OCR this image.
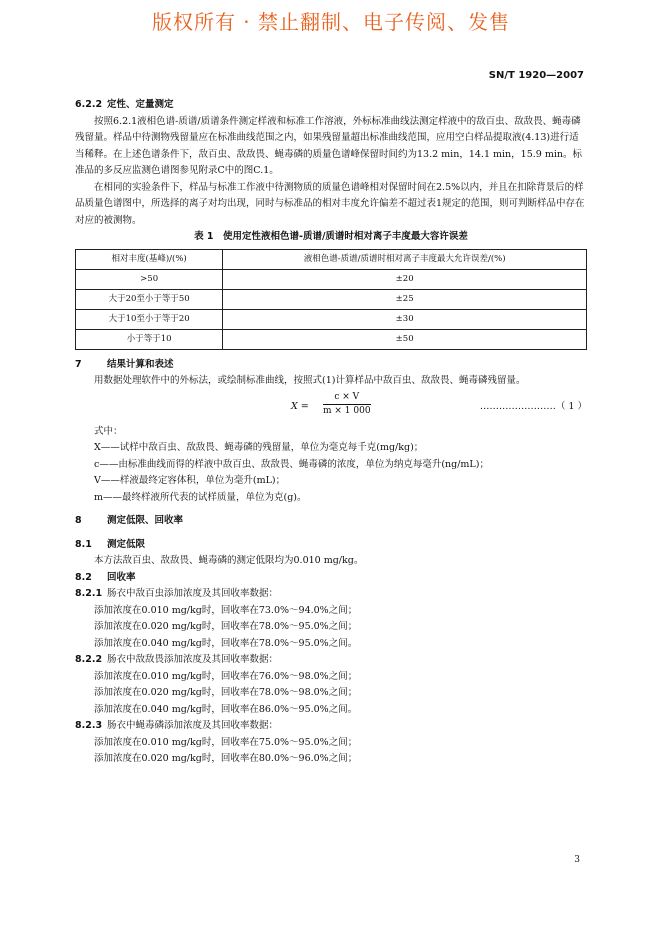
版权所有 · 禁止翻制、电子传阅、发售
SN/T 1920—2007
6.2.2 定性、定量测定

按照6.2.1液相色谱-质谱/质谱条件测定样液和标准工作溶液，外标标准曲线法测定样液中的敌百虫、敌敌畏、蝇毒磷残留量。样品中待测物残留量应在标准曲线范围之内，如果残留量超出标准曲线范围，应用空白样品提取液(4.13)进行适当稀释。在上述色谱条件下，敌百虫、敌敌畏、蝇毒磷的质量色谱峰保留时间约为13.2 min，14.1 min，15.9 min。标准品的多反应监测色谱图参见附录C中的图C.1。

在相同的实验条件下，样品与标准工作液中待测物质的质量色谱峰相对保留时间在2.5%以内，并且在扣除背景后的样品质量色谱图中，所选择的离子对均出现，同时与标准品的相对丰度允许偏差不超过表1规定的范围，则可判断样品中存在对应的被测物。

表 1　使用定性液相色谱-质谱/质谱时相对离子丰度最大容许误差
相对丰度(基峰)/(%)	液相色谱-质谱/质谱时相对离子丰度最大允许误差/(%)
>50	±20
大于20至小于等于50	±25
大于10至小于等于20	±30
小于等于10	±50
7	结果计算和表述

用数据处理软件中的外标法，或绘制标准曲线，按照式(1)计算样品中敌百虫、敌敌畏、蝇毒磷残留量。

$X = \frac{c \times V}{m \times 1 000}$	……………………（ 1 ）

式中：

X——试样中敌百虫、敌敌畏、蝇毒磷的残留量，单位为毫克每千克(mg/kg)；

c——由标准曲线而得的样液中敌百虫、敌敌畏、蝇毒磷的浓度，单位为纳克每毫升(ng/mL)；

V——样液最终定容体积，单位为毫升(mL)；

m——最终样液所代表的试样质量，单位为克(g)。

8	测定低限、回收率
8.1 测定低限

本方法敌百虫、敌敌畏、蝇毒磷的测定低限均为0.010 mg/kg。

8.2 回收率

8.2.1 肠衣中敌百虫添加浓度及其回收率数据：

添加浓度在0.010 mg/kg时，回收率在73.0%～94.0%之间；

添加浓度在0.020 mg/kg时，回收率在78.0%～95.0%之间；

添加浓度在0.040 mg/kg时，回收率在78.0%～95.0%之间。

8.2.2 肠衣中敌敌畏添加浓度及其回收率数据：

添加浓度在0.010 mg/kg时，回收率在76.0%～98.0%之间；

添加浓度在0.020 mg/kg时，回收率在78.0%～98.0%之间；

添加浓度在0.040 mg/kg时，回收率在86.0%～95.0%之间。

8.2.3 肠衣中蝇毒磷添加浓度及其回收率数据：

添加浓度在0.010 mg/kg时，回收率在75.0%～95.0%之间；

添加浓度在0.020 mg/kg时，回收率在80.0%～96.0%之间；

3
